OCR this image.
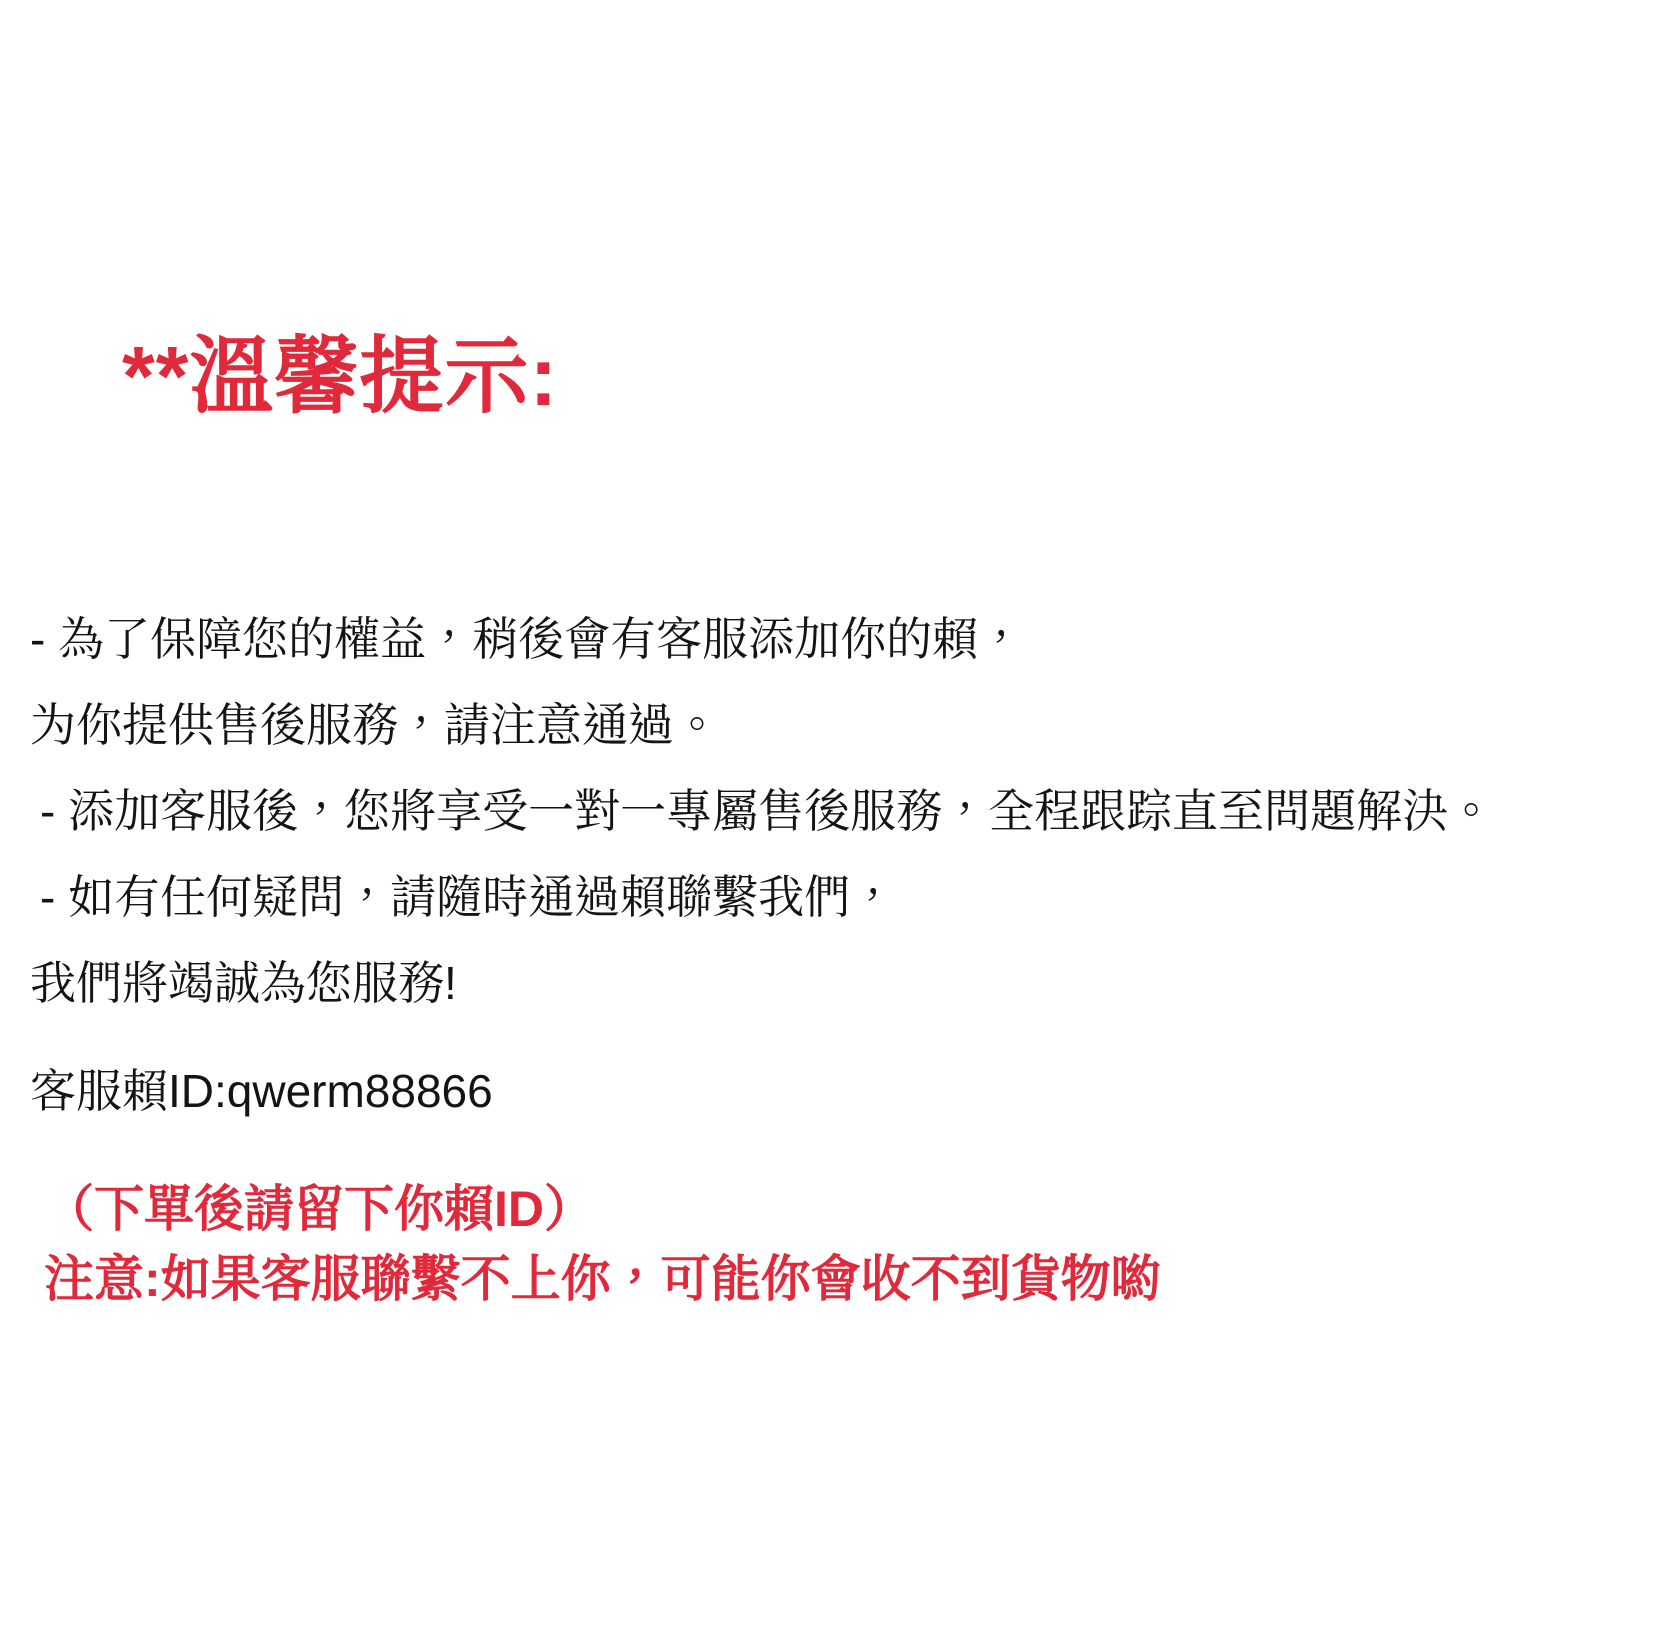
**溫馨提示:
- 為了保障您的權益，稍後會有客服添加你的賴，
为你提供售後服務，請注意通過。
- 添加客服後，您將享受一對一專屬售後服務，全程跟踪直至問題解決。
- 如有任何疑問，請隨時通過賴聯繫我們，
我們將竭誠為您服務!
客服賴ID:qwerm88866
（下單後請留下你賴ID）
注意:如果客服聯繫不上你，可能你會收不到貨物喲
